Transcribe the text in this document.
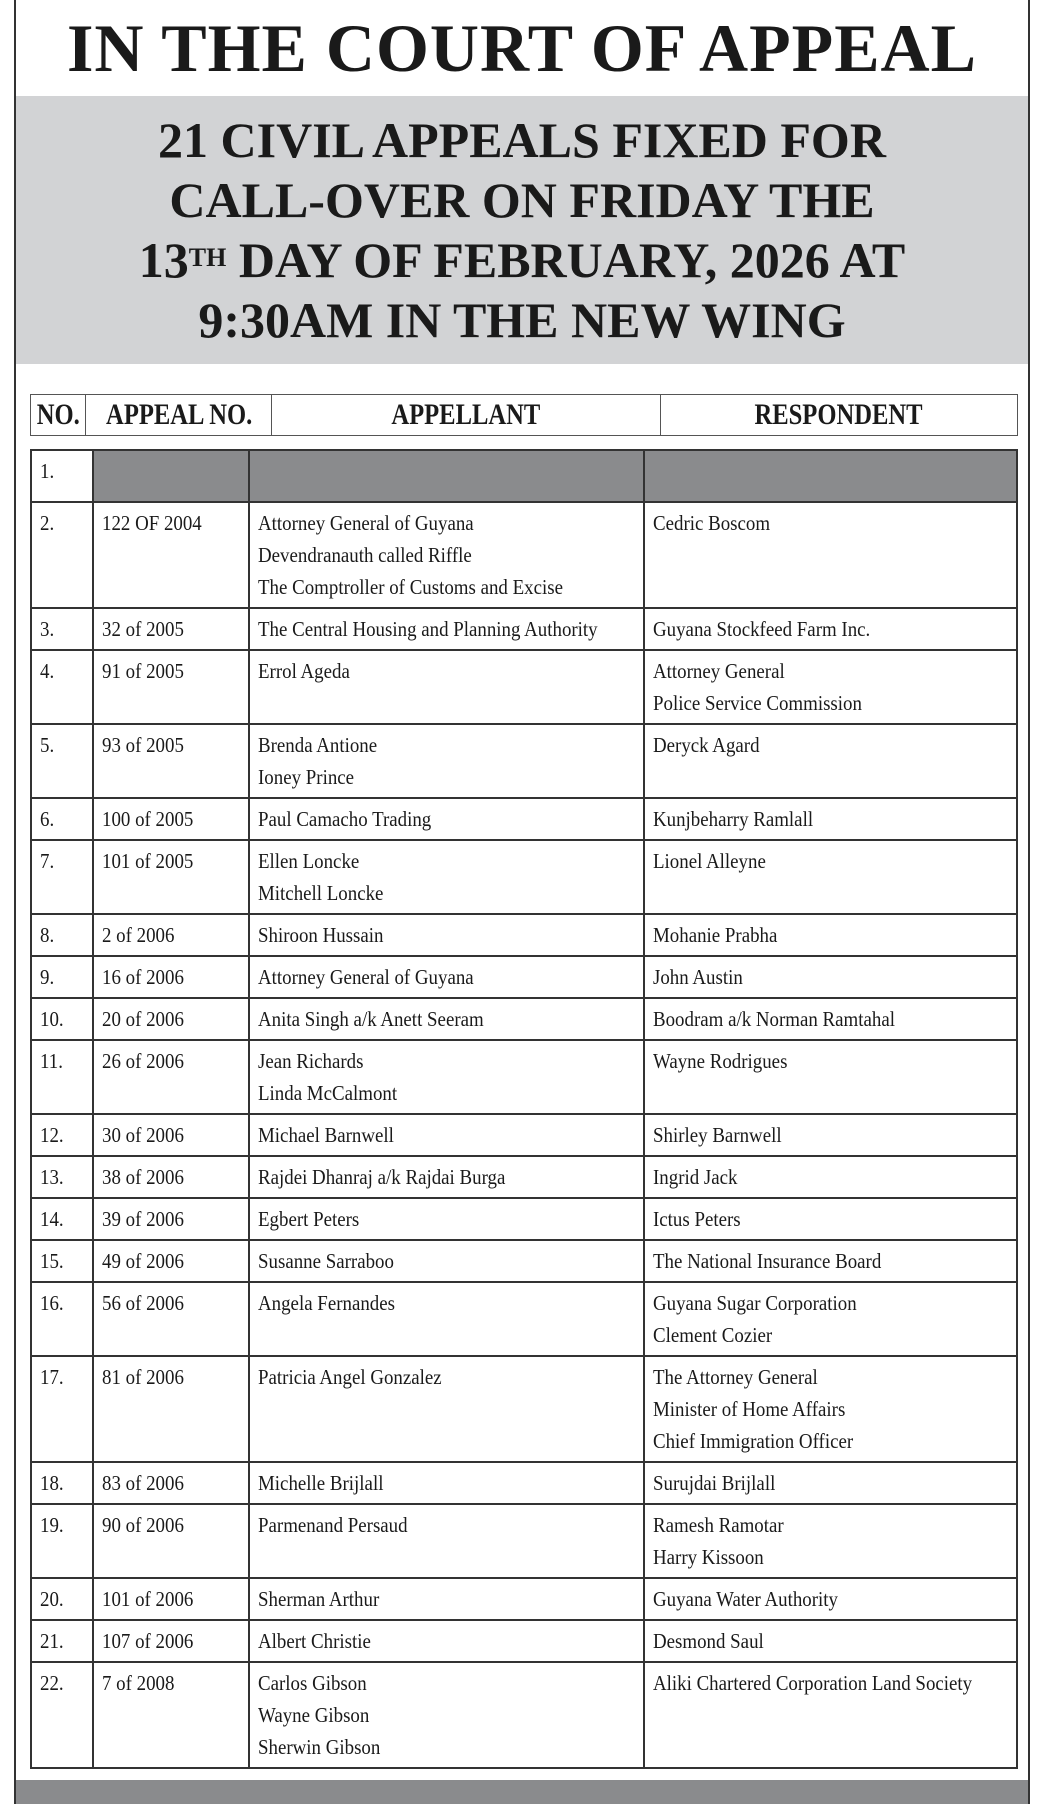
IN THE COURT OF APPEAL
21 CIVIL APPEALS FIXED FOR
CALL-OVER ON FRIDAY THE
13TH DAY OF FEBRUARY, 2026 AT
9:30AM IN THE NEW WING
NO.	APPEAL NO.	APPELLANT	RESPONDENT
1.			

2.	122 OF 2004	Attorney General of Guyana
Devendranauth called Riffle
The Comptroller of Customs and Excise	Cedric Boscom

3.	32 of 2005	The Central Housing and Planning Authority	Guyana Stockfeed Farm Inc.

4.	91 of 2005	Errol Ageda	Attorney General
Police Service Commission

5.	93 of 2005	Brenda Antione
Ioney Prince	Deryck Agard

6.	100 of 2005	Paul Camacho Trading	Kunjbeharry Ramlall

7.	101 of 2005	Ellen Loncke
Mitchell Loncke	Lionel Alleyne

8.	2 of 2006	Shiroon Hussain	Mohanie Prabha

9.	16 of 2006	Attorney General of Guyana	John Austin

10.	20 of 2006	Anita Singh a/k Anett Seeram	Boodram a/k Norman Ramtahal

11.	26 of 2006	Jean Richards
Linda McCalmont	Wayne Rodrigues

12.	30 of 2006	Michael Barnwell	Shirley Barnwell

13.	38 of 2006	Rajdei Dhanraj a/k Rajdai Burga	Ingrid Jack

14.	39 of 2006	Egbert Peters	Ictus Peters

15.	49 of 2006	Susanne Sarraboo	The National Insurance Board

16.	56 of 2006	Angela Fernandes	Guyana Sugar Corporation
Clement Cozier

17.	81 of 2006	Patricia Angel Gonzalez	The Attorney General
Minister of Home Affairs
Chief Immigration Officer

18.	83 of 2006	Michelle Brijlall	Surujdai Brijlall

19.	90 of 2006	Parmenand Persaud	Ramesh Ramotar
Harry Kissoon

20.	101 of 2006	Sherman Arthur	Guyana Water Authority

21.	107 of 2006	Albert Christie	Desmond Saul

22.	7 of 2008	Carlos Gibson
Wayne Gibson
Sherwin Gibson	Aliki Chartered Corporation Land Society
